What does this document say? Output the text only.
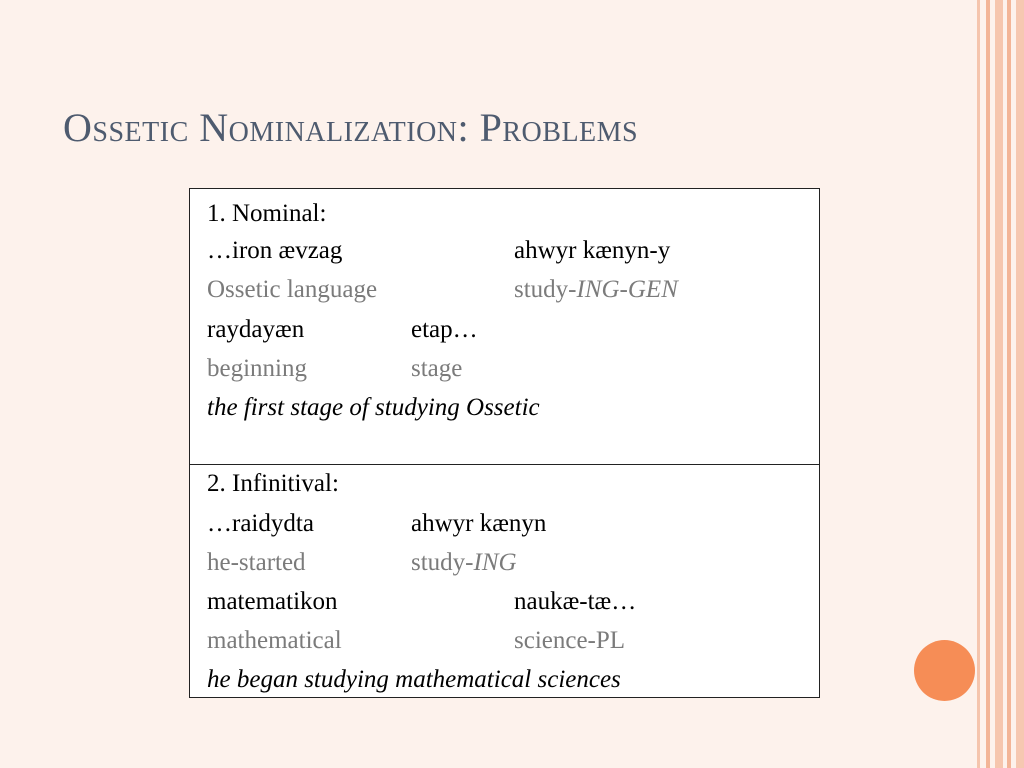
Ossetic Nominalization: Problems
1. Nominal:
…iron ævzag	ahwyr kænyn-y
Ossetic language	study-ING-GEN
raydayæn	etap…
beginning	stage
the first stage of studying Ossetic
2. Infinitival:
…raidydta	ahwyr kænyn
he-started	study-ING
matematikon	naukæ-tæ…
mathematical	science-PL
he began studying mathematical sciences
